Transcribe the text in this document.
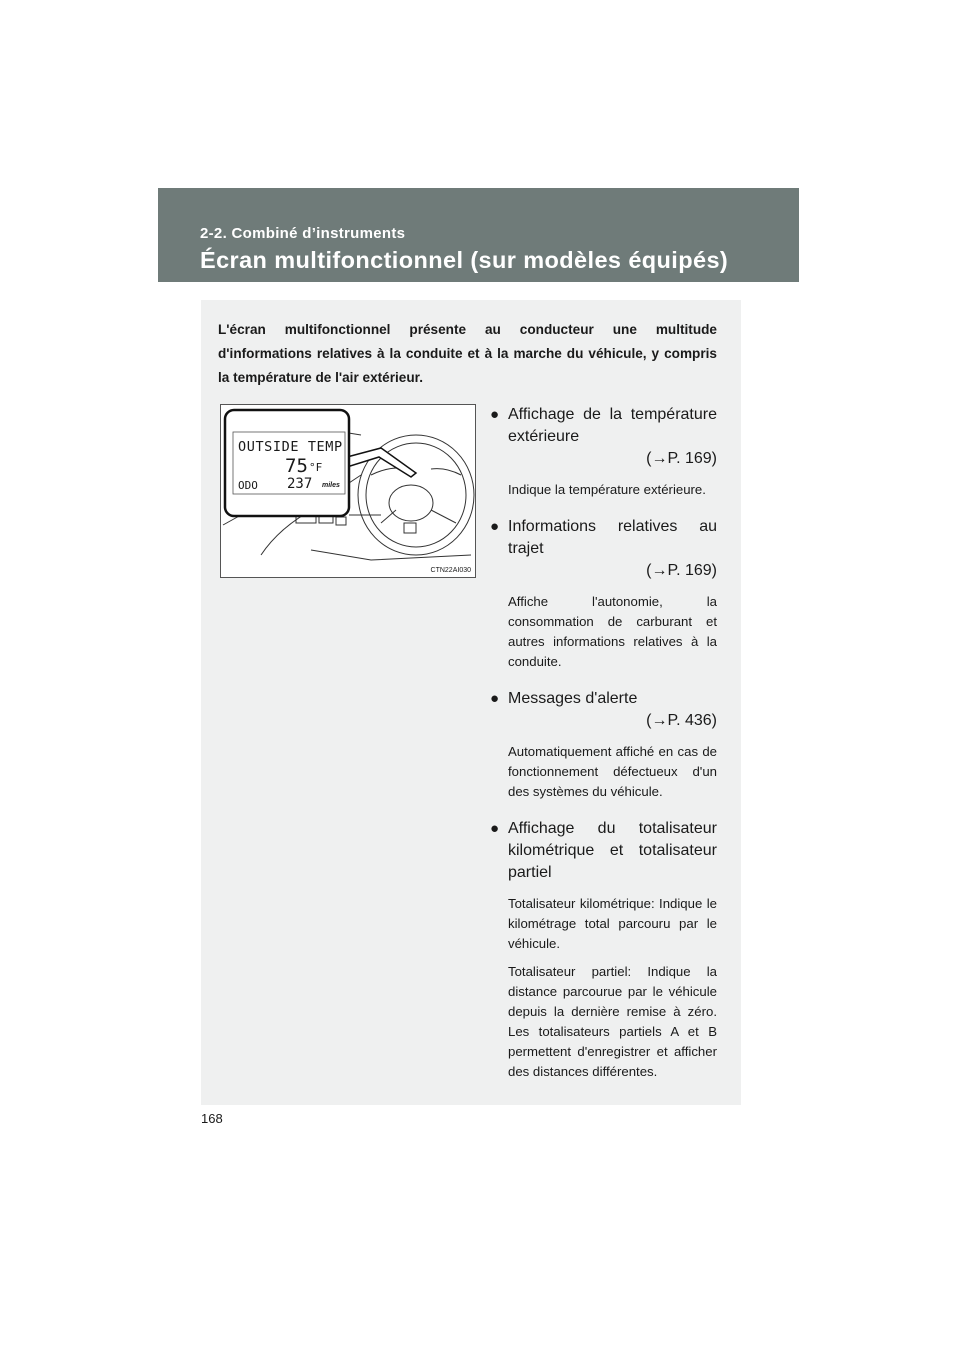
2-2. Combiné d’instruments
Écran multifonctionnel (sur modèles équipés)
L'écran multifonctionnel présente au conducteur une multitude d'informations relatives à la conduite et à la marche du véhicule, y compris la température de l'air extérieur.
OUTSIDE TEMP
75 °F
ODO 237 miles
CTN22AI030
● Affichage de la température extérieure
(→P. 169)
Indique la température extérieure.
● Informations relatives au trajet
(→P. 169)
Affiche l'autonomie, la consommation de carburant et autres informations relatives à la conduite.
● Messages d'alerte
(→P. 436)
Automatiquement affiché en cas de fonctionnement défectueux d'un des systèmes du véhicule.
● Affichage du totalisateur kilométrique et totalisateur partiel
Totalisateur kilométrique: Indique le kilométrage total parcouru par le véhicule.
Totalisateur partiel: Indique la distance parcourue par le véhicule depuis la dernière remise à zéro. Les totalisateurs partiels A et B permettent d'enregistrer et afficher des distances différentes.
168
